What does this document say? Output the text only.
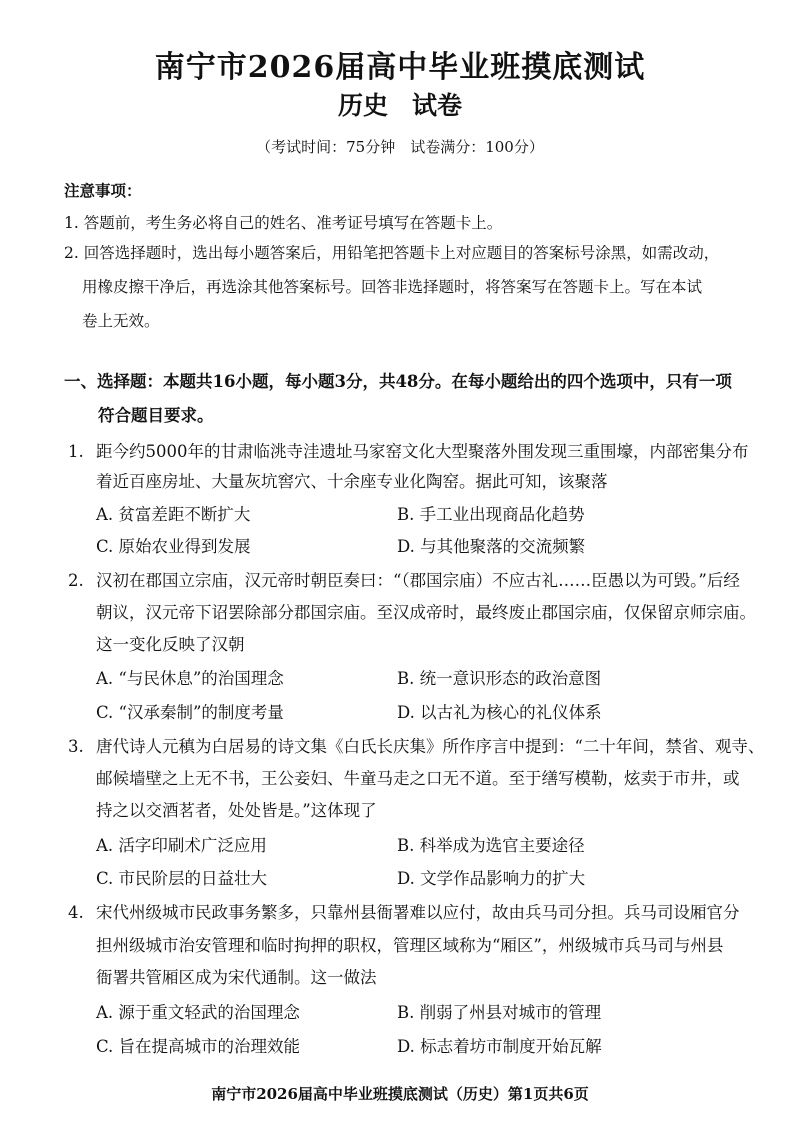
南宁市2026届高中毕业班摸底测试
历史 试卷
（考试时间：75分钟　试卷满分：100分）
注意事项：
1. 答题前，考生务必将自己的姓名、准考证号填写在答题卡上。
2. 回答选择题时，选出每小题答案后，用铅笔把答题卡上对应题目的答案标号涂黑，如需改动，
用橡皮擦干净后，再选涂其他答案标号。回答非选择题时，将答案写在答题卡上。写在本试
卷上无效。
一、选择题：本题共16小题，每小题3分，共48分。在每小题给出的四个选项中，只有一项
符合题目要求。
1. 距今约5000年的甘肃临洮寺洼遗址马家窑文化大型聚落外围发现三重围壕，内部密集分布
着近百座房址、大量灰坑窖穴、十余座专业化陶窑。据此可知，该聚落
A. 贫富差距不断扩大	B. 手工业出现商品化趋势
C. 原始农业得到发展	D. 与其他聚落的交流频繁
2. 汉初在郡国立宗庙，汉元帝时朝臣奏曰：“（郡国宗庙）不应古礼……臣愚以为可毁。”后经
朝议，汉元帝下诏罢除部分郡国宗庙。至汉成帝时，最终废止郡国宗庙，仅保留京师宗庙。
这一变化反映了汉朝
A. “与民休息”的治国理念	B. 统一意识形态的政治意图
C. “汉承秦制”的制度考量	D. 以古礼为核心的礼仪体系
3. 唐代诗人元稹为白居易的诗文集《白氏长庆集》所作序言中提到：“二十年间，禁省、观寺、
邮候墙壁之上无不书，王公妾妇、牛童马走之口无不道。至于缮写模勒，炫卖于市井，或
持之以交酒茗者，处处皆是。”这体现了
A. 活字印刷术广泛应用	B. 科举成为选官主要途径
C. 市民阶层的日益壮大	D. 文学作品影响力的扩大
4. 宋代州级城市民政事务繁多，只靠州县衙署难以应付，故由兵马司分担。兵马司设厢官分
担州级城市治安管理和临时拘押的职权，管理区域称为“厢区”，州级城市兵马司与州县
衙署共管厢区成为宋代通制。这一做法
A. 源于重文轻武的治国理念	B. 削弱了州县对城市的管理
C. 旨在提高城市的治理效能	D. 标志着坊市制度开始瓦解
南宁市2026届高中毕业班摸底测试（历史）第1页共6页
